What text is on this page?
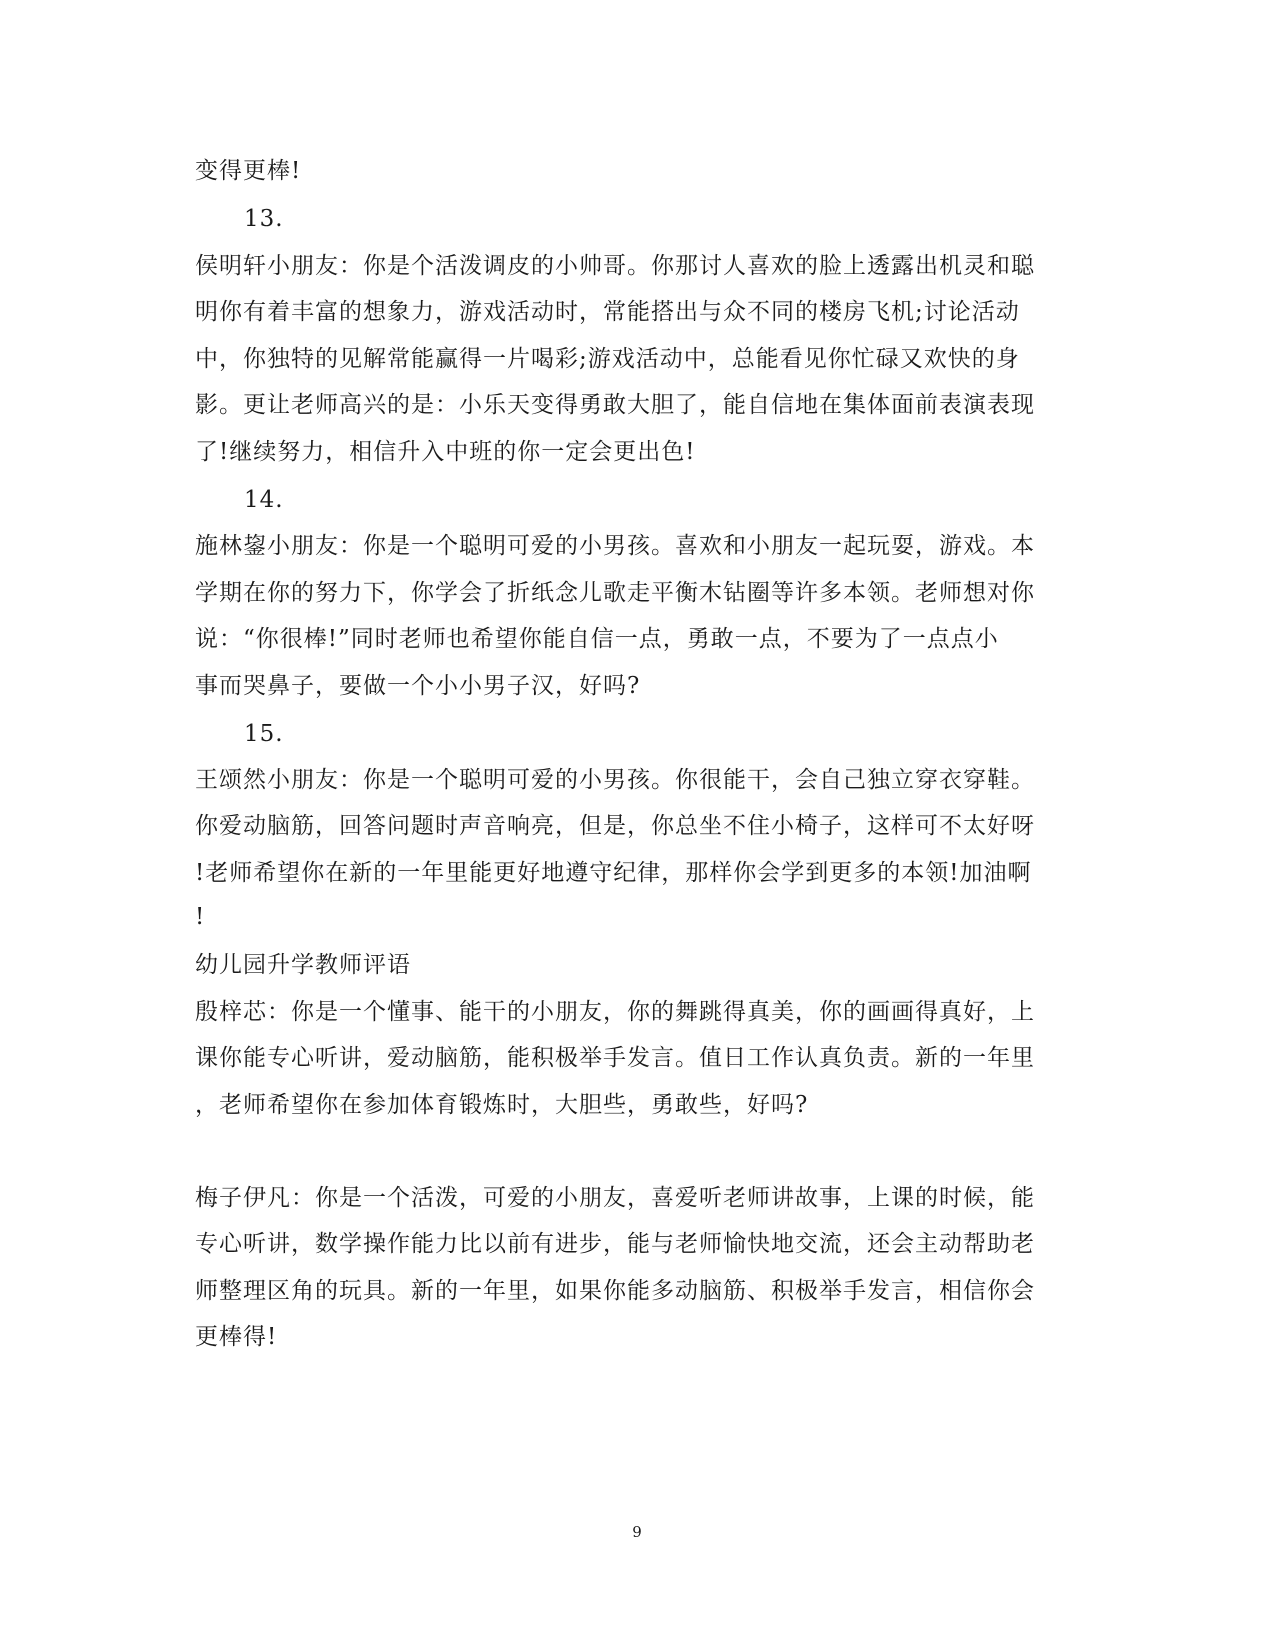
变得更棒!
13.
侯明轩小朋友：你是个活泼调皮的小帅哥。你那讨人喜欢的脸上透露出机灵和聪
明你有着丰富的想象力，游戏活动时，常能搭出与众不同的楼房飞机;讨论活动
中，你独特的见解常能赢得一片喝彩;游戏活动中，总能看见你忙碌又欢快的身
影。更让老师高兴的是：小乐天变得勇敢大胆了，能自信地在集体面前表演表现
了!继续努力，相信升入中班的你一定会更出色!
14.
施林鋆小朋友：你是一个聪明可爱的小男孩。喜欢和小朋友一起玩耍，游戏。本
学期在你的努力下，你学会了折纸念儿歌走平衡木钻圈等许多本领。老师想对你
说：“你很棒!”同时老师也希望你能自信一点，勇敢一点，不要为了一点点小
事而哭鼻子，要做一个小小男子汉，好吗?
15.
王颂然小朋友：你是一个聪明可爱的小男孩。你很能干，会自己独立穿衣穿鞋。
你爱动脑筋，回答问题时声音响亮，但是，你总坐不住小椅子，这样可不太好呀
!老师希望你在新的一年里能更好地遵守纪律，那样你会学到更多的本领!加油啊
!
幼儿园升学教师评语
殷梓芯：你是一个懂事、能干的小朋友，你的舞跳得真美，你的画画得真好，上
课你能专心听讲，爱动脑筋，能积极举手发言。值日工作认真负责。新的一年里
，老师希望你在参加体育锻炼时，大胆些，勇敢些，好吗?
梅子伊凡：你是一个活泼，可爱的小朋友，喜爱听老师讲故事，上课的时候，能
专心听讲，数学操作能力比以前有进步，能与老师愉快地交流，还会主动帮助老
师整理区角的玩具。新的一年里，如果你能多动脑筋、积极举手发言，相信你会
更棒得!
9
